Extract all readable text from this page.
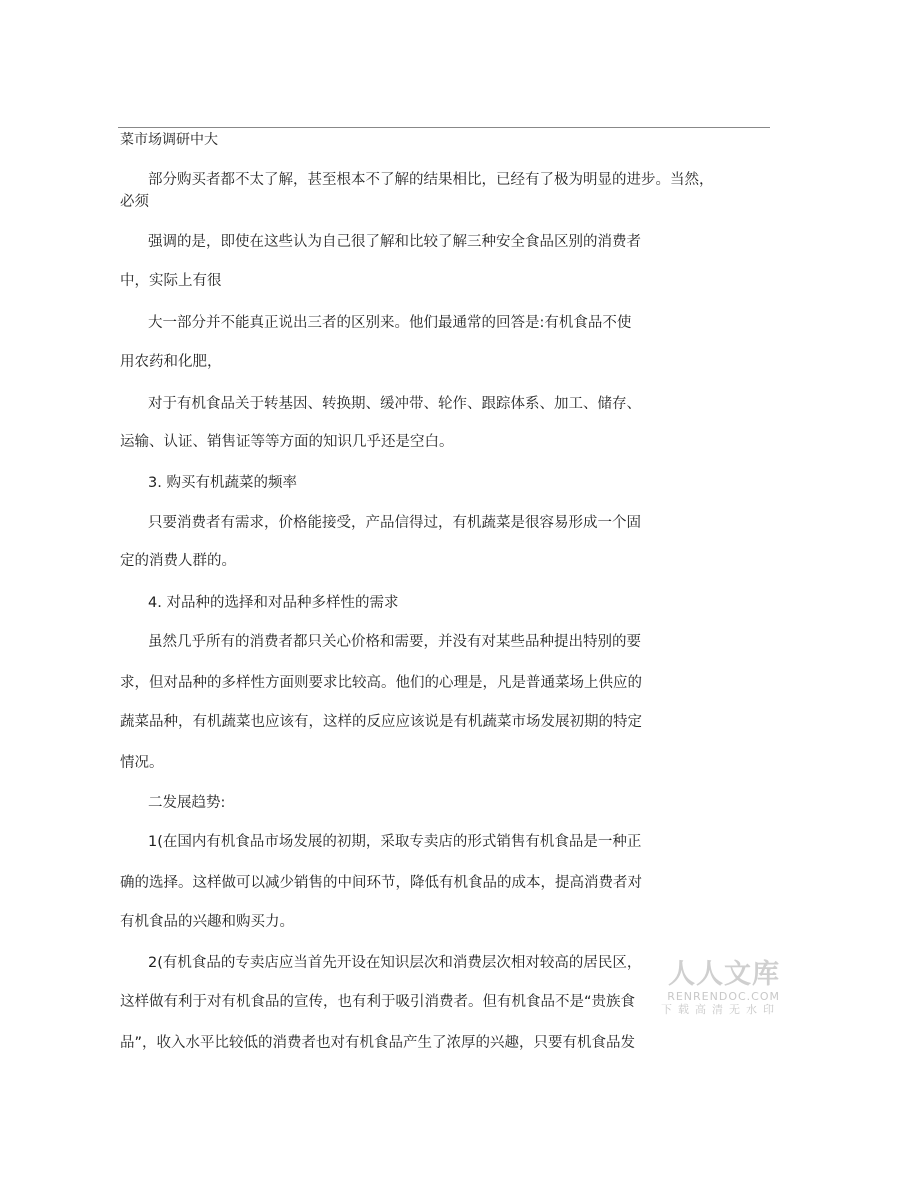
菜市场调研中大
部分购买者都不太了解，甚至根本不了解的结果相比，已经有了极为明显的进步。当然，
必须
强调的是，即使在这些认为自己很了解和比较了解三种安全食品区别的消费者
中，实际上有很
大一部分并不能真正说出三者的区别来。他们最通常的回答是:有机食品不使
用农药和化肥，
对于有机食品关于转基因、转换期、缓冲带、轮作、跟踪体系、加工、储存、
运输、认证、销售证等等方面的知识几乎还是空白。
3. 购买有机蔬菜的频率
只要消费者有需求，价格能接受，产品信得过，有机蔬菜是很容易形成一个固
定的消费人群的。
4. 对品种的选择和对品种多样性的需求
虽然几乎所有的消费者都只关心价格和需要，并没有对某些品种提出特别的要
求，但对品种的多样性方面则要求比较高。他们的心理是，凡是普通菜场上供应的
蔬菜品种，有机蔬菜也应该有，这样的反应应该说是有机蔬菜市场发展初期的特定
情况。
二发展趋势:
1(在国内有机食品市场发展的初期，采取专卖店的形式销售有机食品是一种正
确的选择。这样做可以减少销售的中间环节，降低有机食品的成本，提高消费者对
有机食品的兴趣和购买力。
2(有机食品的专卖店应当首先开设在知识层次和消费层次相对较高的居民区，
这样做有利于对有机食品的宣传，也有利于吸引消费者。但有机食品不是“贵族食
品”，收入水平比较低的消费者也对有机食品产生了浓厚的兴趣，只要有机食品发
人人文库
RENRENDOC.COM
下载高清无水印
